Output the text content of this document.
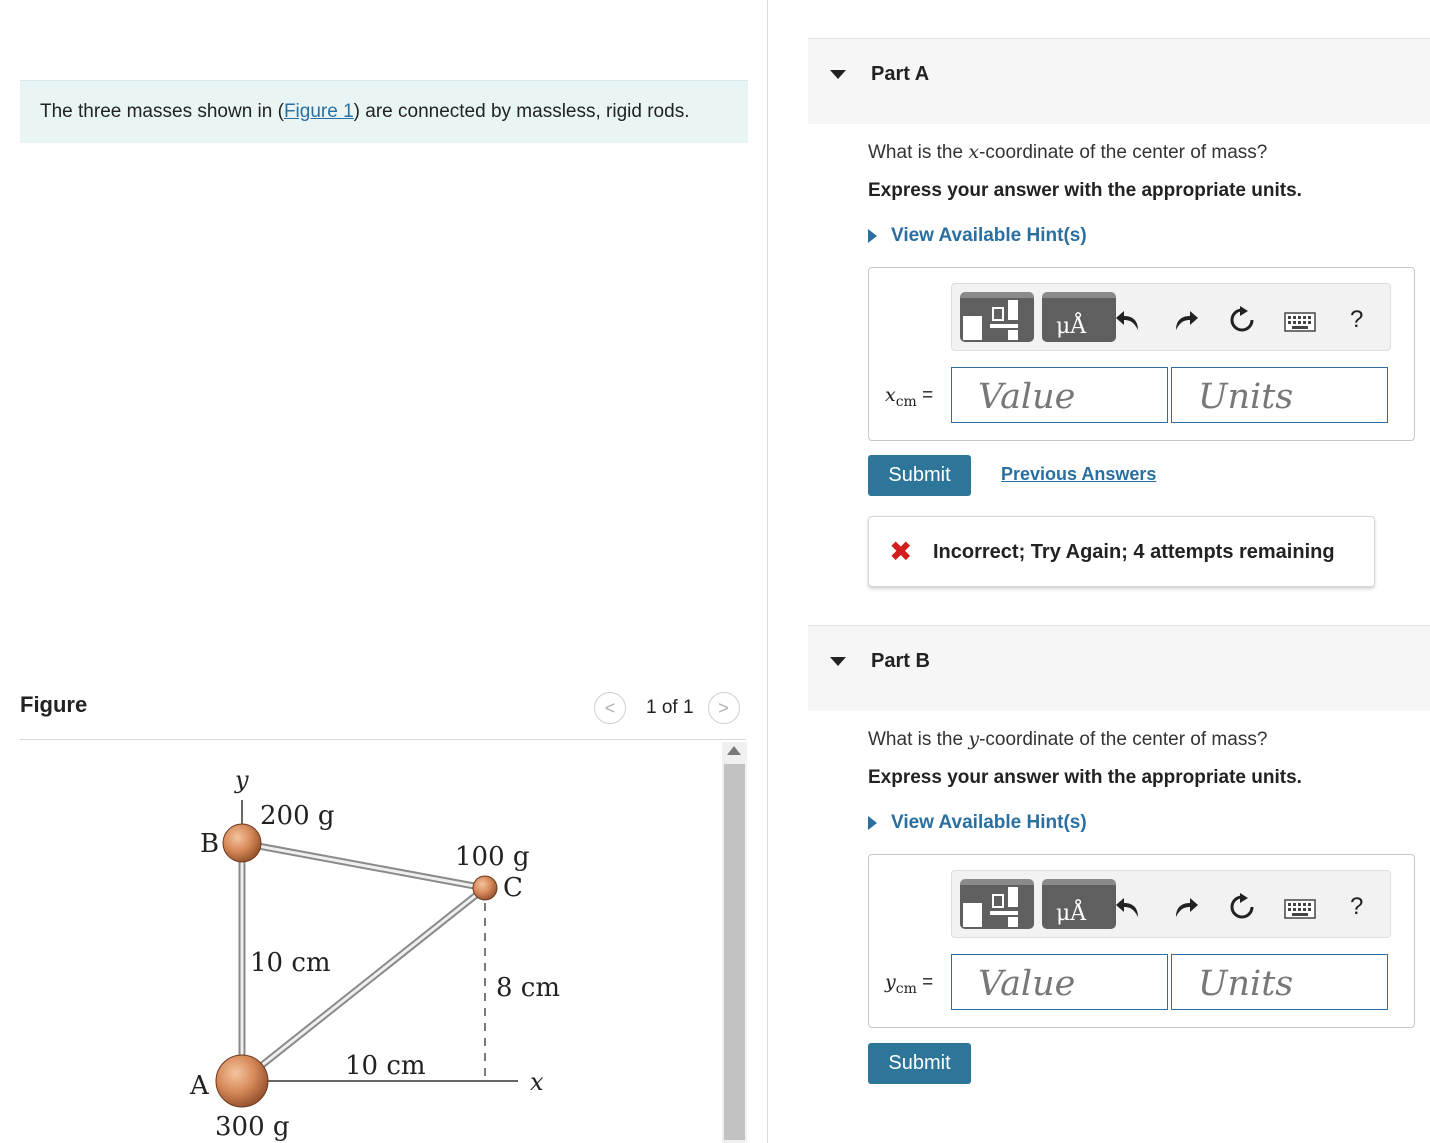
The three masses shown in (Figure 1) are connected by massless, rigid rods.
Figure	<	1 of 1	>
y
200 g
B	100 g
C
10 cm
8 cm
10 cm
x
A
300 g
Part A
What is the x-coordinate of the center of mass?
Express your answer with the appropriate units.
View Available Hint(s)
μÅ	?
$x_{cm}$ =
Value
Units
Submit	Previous Answers
✖ Incorrect; Try Again; 4 attempts remaining
Part B
What is the y-coordinate of the center of mass?
Express your answer with the appropriate units.
View Available Hint(s)
μÅ	?
$y_{cm}$ =
Value
Units
Submit
